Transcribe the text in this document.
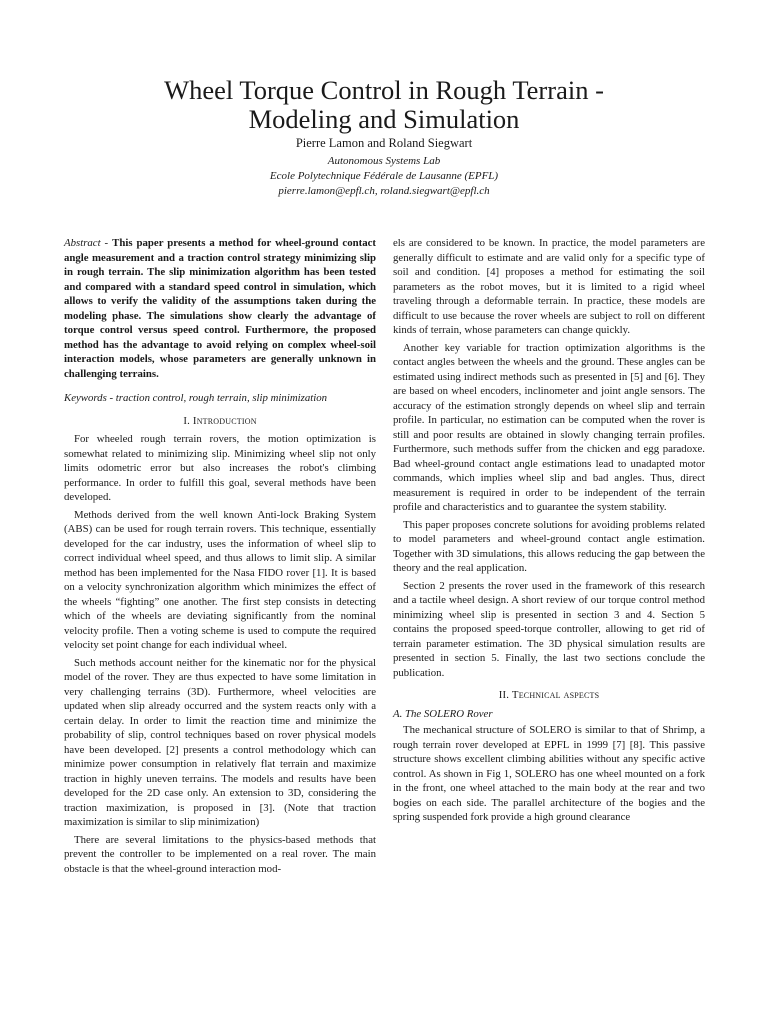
Wheel Torque Control in Rough Terrain -
Modeling and Simulation
Pierre Lamon and Roland Siegwart
Autonomous Systems Lab
Ecole Polytechnique Fédérale de Lausanne (EPFL)
pierre.lamon@epfl.ch, roland.siegwart@epfl.ch

Abstract - This paper presents a method for wheel-ground contact angle measurement and a traction control strategy minimizing slip in rough terrain. The slip minimization algorithm has been tested and compared with a standard speed control in simulation, which allows to verify the validity of the assumptions taken during the modeling phase. The simulations show clearly the advantage of torque control versus speed control. Furthermore, the proposed method has the advantage to avoid relying on complex wheel-soil interaction models, whose parameters are generally unknown in challenging terrains.

Keywords - traction control, rough terrain, slip minimization

I. Introduction

For wheeled rough terrain rovers, the motion optimization is somewhat related to minimizing slip. Minimizing wheel slip not only limits odometric error but also increases the robot's climbing performance. In order to fulfill this goal, several methods have been developed.

Methods derived from the well known Anti-lock Braking System (ABS) can be used for rough terrain rovers. This technique, essentially developed for the car industry, uses the information of wheel slip to correct individual wheel speed, and thus allows to limit slip. A similar method has been implemented for the Nasa FIDO rover [1]. It is based on a velocity synchronization algorithm which minimizes the effect of the wheels “fighting” one another. The first step consists in detecting which of the wheels are deviating significantly from the nominal velocity profile. Then a voting scheme is used to compute the required velocity set point change for each individual wheel.

Such methods account neither for the kinematic nor for the physical model of the rover. They are thus expected to have some limitation in very challenging terrains (3D). Furthermore, wheel velocities are updated when slip already occurred and the system reacts only with a certain delay. In order to limit the reaction time and minimize the probability of slip, control techniques based on rover physical models have been developed. [2] presents a control methodology which can minimize power consumption in relatively flat terrain and maximize traction in highly uneven terrains. The models and results have been developed for the 2D case only. An extension to 3D, considering the traction maximization, is proposed in [3]. (Note that traction maximization is similar to slip minimization)

There are several limitations to the physics-based methods that prevent the controller to be implemented on a real rover. The main obstacle is that the wheel-ground interaction mod-

els are considered to be known. In practice, the model parameters are generally difficult to estimate and are valid only for a specific type of soil and condition. [4] proposes a method for estimating the soil parameters as the robot moves, but it is limited to a rigid wheel traveling through a deformable terrain. In practice, these models are difficult to use because the rover wheels are subject to roll on different kinds of terrain, whose parameters can change quickly.

Another key variable for traction optimization algorithms is the contact angles between the wheels and the ground. These angles can be estimated using indirect methods such as presented in [5] and [6]. They are based on wheel encoders, inclinometer and joint angle sensors. The accuracy of the estimation strongly depends on wheel slip and terrain profile. In particular, no estimation can be computed when the rover is still and poor results are obtained in slowly changing terrain profiles. Furthermore, such methods suffer from the chicken and egg paradoxe. Bad wheel-ground contact angle estimations lead to unadapted motor commands, which implies wheel slip and bad angles. Thus, direct measurement is required in order to be independent of the terrain profile and characteristics and to guarantee the system stability.

This paper proposes concrete solutions for avoiding problems related to model parameters and wheel-ground contact angle estimation. Together with 3D simulations, this allows reducing the gap between the theory and the real application.

Section 2 presents the rover used in the framework of this research and a tactile wheel design. A short review of our torque control method minimizing wheel slip is presented in section 3 and 4. Section 5 contains the proposed speed-torque controller, allowing to get rid of terrain parameter estimation. The 3D physical simulation results are presented in section 5. Finally, the last two sections conclude the publication.

II. Technical aspects
A. The SOLERO Rover

The mechanical structure of SOLERO is similar to that of Shrimp, a rough terrain rover developed at EPFL in 1999 [7] [8]. This passive structure shows excellent climbing abilities without any specific active control. As shown in Fig 1, SOLERO has one wheel mounted on a fork in the front, one wheel attached to the main body at the rear and two bogies on each side. The parallel architecture of the bogies and the spring suspended fork provide a high ground clearance
